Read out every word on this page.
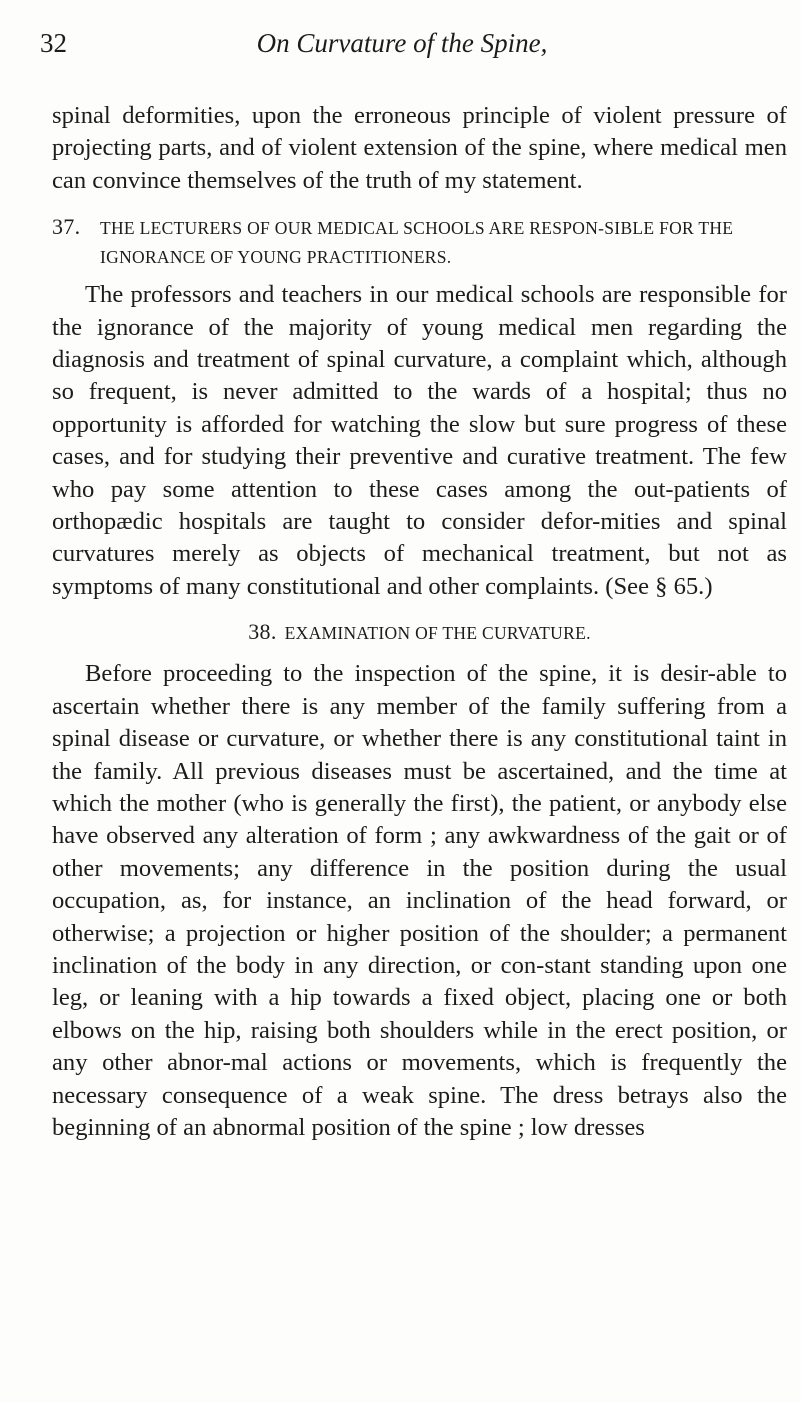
32	On Curvature of the Spine,

spinal deformities, upon the erroneous principle of violent pressure of projecting parts, and of violent extension of the spine, where medical men can convince themselves of the truth of my statement.

37. THE LECTURERS OF OUR MEDICAL SCHOOLS ARE RESPON-SIBLE FOR THE IGNORANCE OF YOUNG PRACTITIONERS.

The professors and teachers in our medical schools are responsible for the ignorance of the majority of young medical men regarding the diagnosis and treatment of spinal curvature, a complaint which, although so frequent, is never admitted to the wards of a hospital; thus no opportunity is afforded for watching the slow but sure progress of these cases, and for studying their preventive and curative treatment. The few who pay some attention to these cases among the out-patients of orthopædic hospitals are taught to consider defor-mities and spinal curvatures merely as objects of mechanical treatment, but not as symptoms of many constitutional and other complaints. (See § 65.)

38. EXAMINATION OF THE CURVATURE.

Before proceeding to the inspection of the spine, it is desir-able to ascertain whether there is any member of the family suffering from a spinal disease or curvature, or whether there is any constitutional taint in the family. All previous diseases must be ascertained, and the time at which the mother (who is generally the first), the patient, or anybody else have observed any alteration of form ; any awkwardness of the gait or of other movements; any difference in the position during the usual occupation, as, for instance, an inclination of the head forward, or otherwise; a projection or higher position of the shoulder; a permanent inclination of the body in any direction, or con-stant standing upon one leg, or leaning with a hip towards a fixed object, placing one or both elbows on the hip, raising both shoulders while in the erect position, or any other abnor-mal actions or movements, which is frequently the necessary consequence of a weak spine. The dress betrays also the beginning of an abnormal position of the spine ; low dresses
